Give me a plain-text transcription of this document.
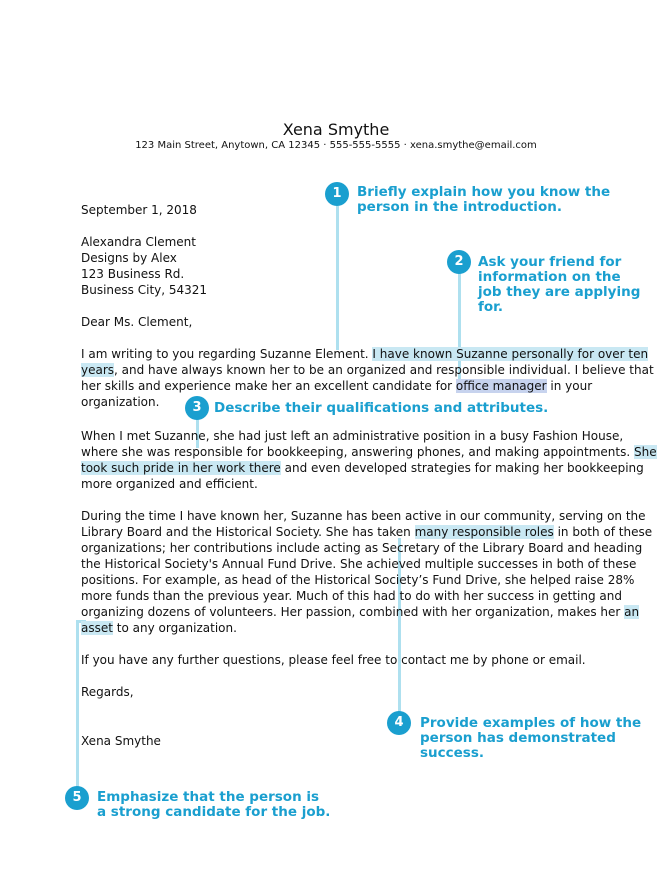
Xena Smythe
123 Main Street, Anytown, CA 12345 · 555-555-5555 · xena.smythe@email.com
September 1, 2018
Alexandra Clement
Designs by Alex
123 Business Rd.
Business City, 54321
Dear Ms. Clement,
I am writing to you regarding Suzanne Element. I have known Suzanne personally for over ten
years, and have always known her to be an organized and responsible individual. I believe that
her skills and experience make her an excellent candidate for office manager in your
organization.
When I met Suzanne, she had just left an administrative position in a busy Fashion House,
where she was responsible for bookkeeping, answering phones, and making appointments. She
took such pride in her work there and even developed strategies for making her bookkeeping
more organized and efficient.
During the time I have known her, Suzanne has been active in our community, serving on the
Library Board and the Historical Society. She has taken many responsible roles in both of these
organizations; her contributions include acting as Secretary of the Library Board and heading
the Historical Society's Annual Fund Drive. She achieved multiple successes in both of these
positions. For example, as head of the Historical Society’s Fund Drive, she helped raise 28%
more funds than the previous year. Much of this had to do with her success in getting and
organizing dozens of volunteers. Her passion, combined with her organization, makes her an
asset to any organization.
If you have any further questions, please feel free to contact me by phone or email.
Regards,
Xena Smythe
1	Briefly explain how you know the
person in the introduction.
2	Ask your friend for
information on the
job they are applying
for.
3 Describe their qualifications and attributes.
4	Provide examples of how the
person has demonstrated
success.
5	Emphasize that the person is
a strong candidate for the job.
